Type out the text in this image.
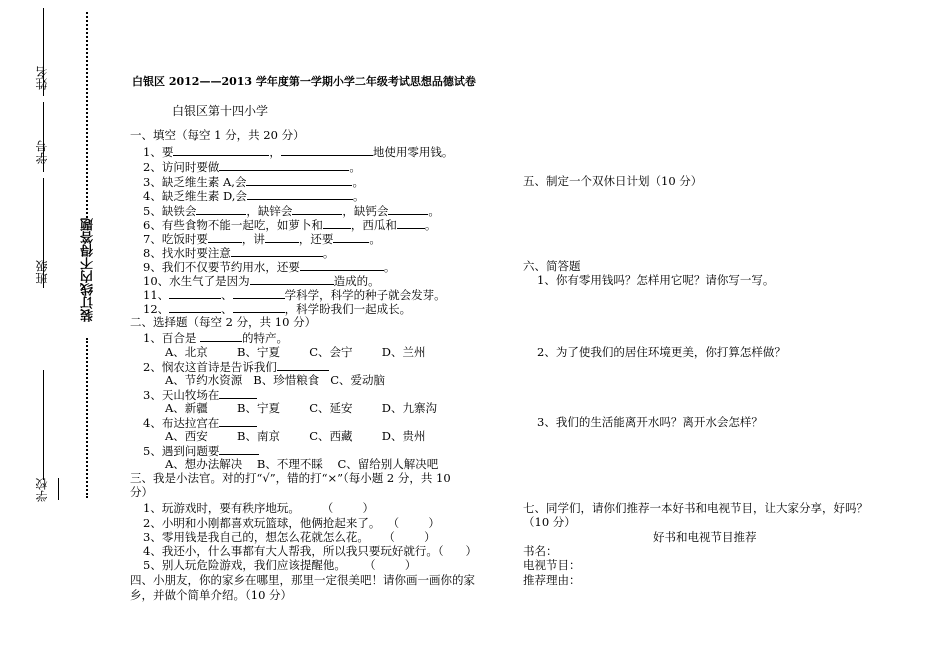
姓名
学号
班级
学校
装订线内不得答题
白银区 2012——2013 学年度第一学期小学二年级考试思想品德试卷
白银区第十四小学
一、填空（每空 1 分，共 20 分）
1、要	，	地使用零用钱。
2、访问时要做	。
3、缺乏维生素 A,会	。
4、缺乏维生素 D,会	。
5、缺铁会	，缺锌会	，缺钙会	。
6、有些食物不能一起吃，如萝卜和 ，西瓜和 。
7、吃饭时要	，讲	，还要	。
8、找水时要注意	。
9、我们不仅要节约用水，还要	。
10、水生气了是因为	造成的。
11、	、	学科学，科学的种子就会发芽。
12、	、	，科学盼我们一起成长。
二、选择题（每空 2 分，共 10 分）
1、百合是	的特产。
A、北京        B、宁夏        C、会宁        D、兰州
2、悯农这首诗是告诉我们
A、节约水资源   B、珍惜粮食   C、爱动脑
3、天山牧场在
A、新疆        B、宁夏        C、延安        D、九寨沟
4、布达拉宫在
A、西安        B、南京        C、西藏        D、贵州
5、遇到问题要
A、想办法解决    B、不理不睬    C、留给别人解决吧
三、我是小法官。对的打“√”，错的打“×”（每小题 2 分，共 10
分）
1、玩游戏时，要有秩序地玩。      （        ）
2、小明和小刚都喜欢玩篮球，他俩抢起来了。  （        ）
3、零用钱是我自己的，想怎么花就怎么花。    （        ）
4、我还小，什么事都有大人帮我，所以我只要玩好就行。（      ）
5、别人玩危险游戏，我们应该提醒他。     （        ）
四、小朋友，你的家乡在哪里，那里一定很美吧！请你画一画你的家
乡，并做个简单介绍。（10 分）
五、制定一个双休日计划（10 分）
六、简答题
1、你有零用钱吗？怎样用它呢？请你写一写。
2、为了使我们的居住环境更美，你打算怎样做？
3、我们的生活能离开水吗？离开水会怎样？
七、同学们，请你们推荐一本好书和电视节目，让大家分享，好吗？
（10 分）
好书和电视节目推荐
书名：
电视节目：
推荐理由：
